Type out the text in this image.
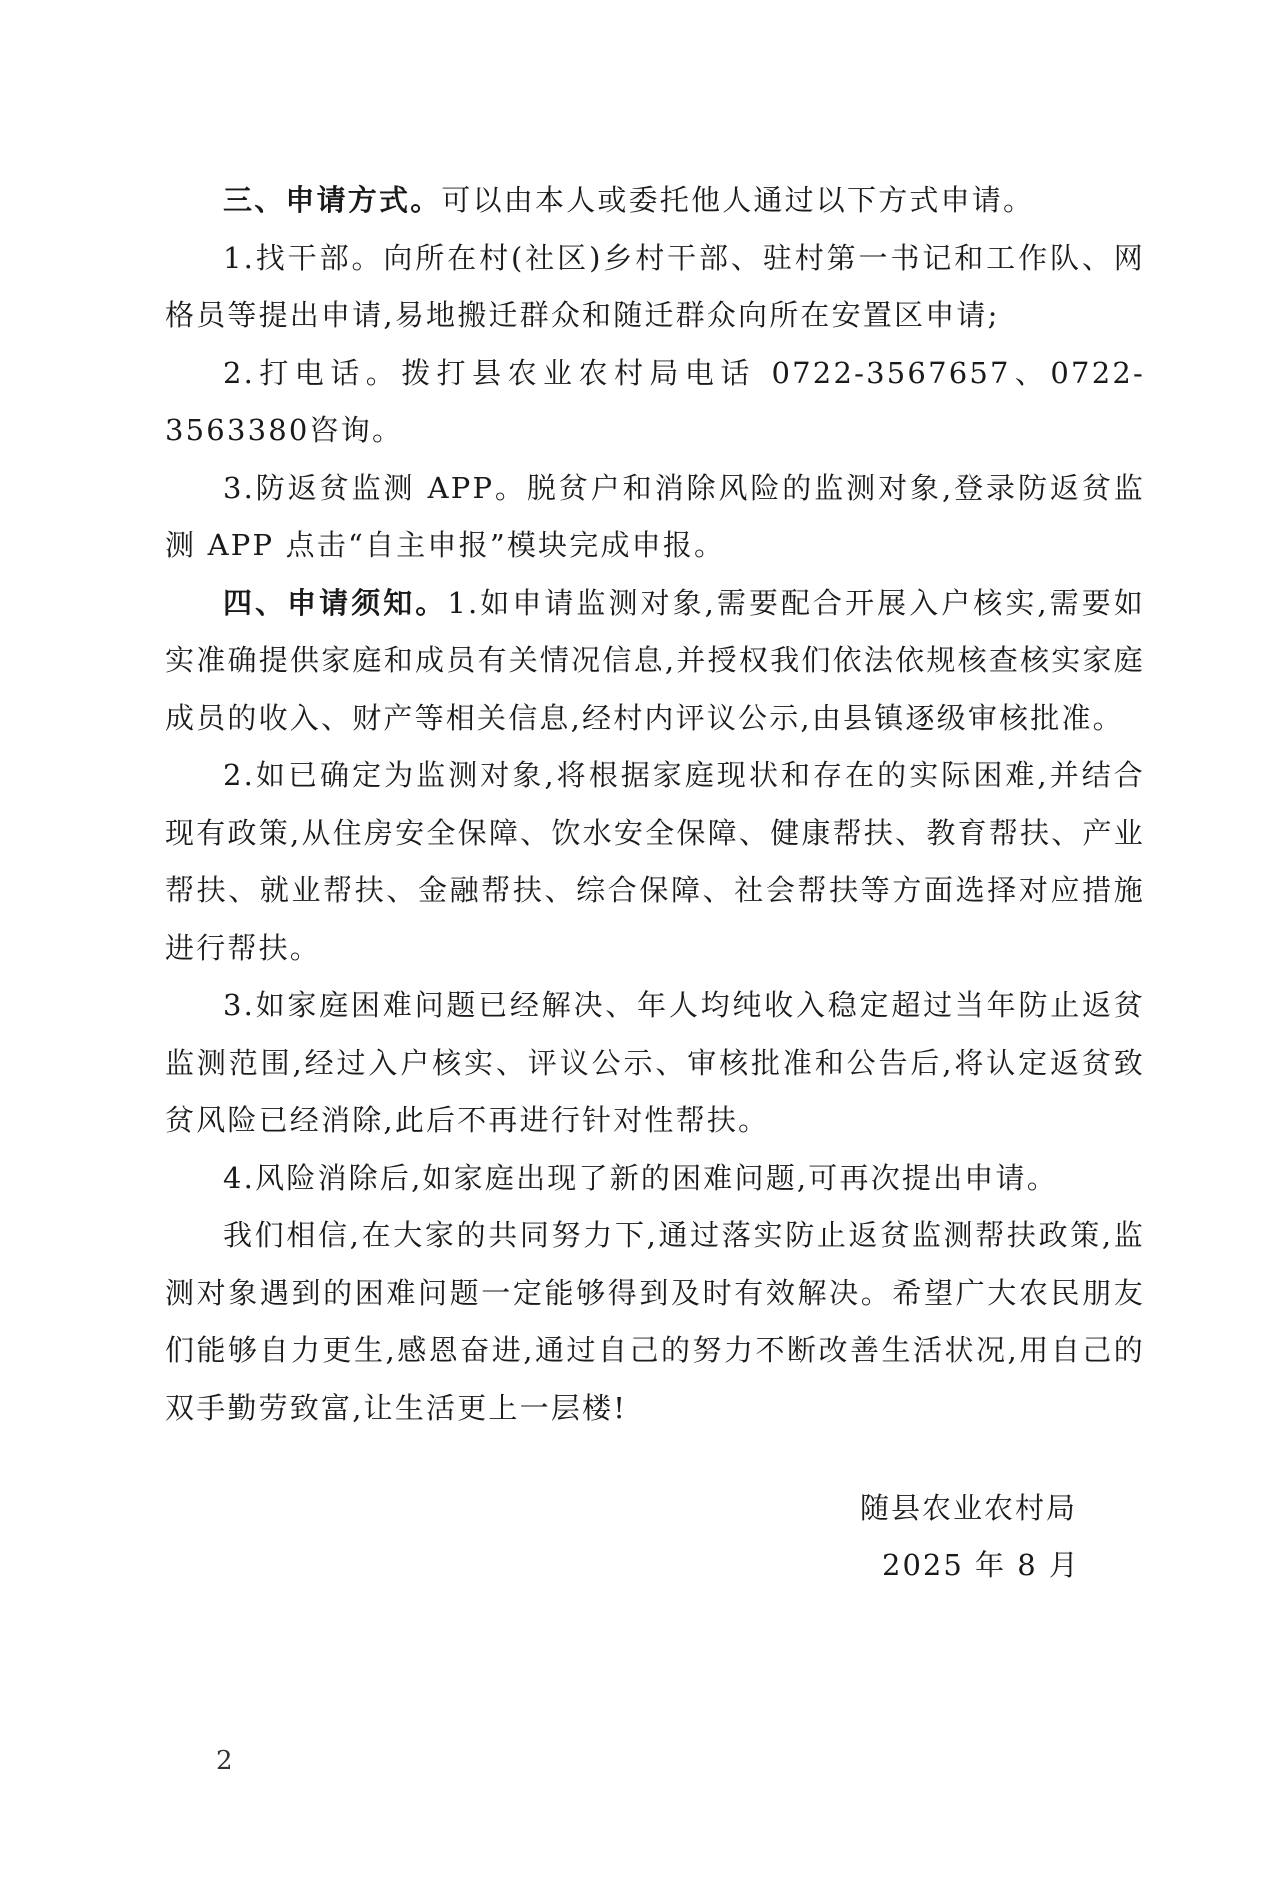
三、申请方式。可以由本人或委托他人通过以下方式申请。

1.找干部。向所在村(社区)乡村干部、驻村第一书记和工作队、网格员等提出申请,易地搬迁群众和随迁群众向所在安置区申请;

2.打电话。拨打县农业农村局电话 0722-3567657、0722-3563380咨询。

3.防返贫监测 APP。脱贫户和消除风险的监测对象,登录防返贫监测 APP 点击“自主申报”模块完成申报。

四、申请须知。1.如申请监测对象,需要配合开展入户核实,需要如实准确提供家庭和成员有关情况信息,并授权我们依法依规核查核实家庭成员的收入、财产等相关信息,经村内评议公示,由县镇逐级审核批准。

2.如已确定为监测对象,将根据家庭现状和存在的实际困难,并结合现有政策,从住房安全保障、饮水安全保障、健康帮扶、教育帮扶、产业帮扶、就业帮扶、金融帮扶、综合保障、社会帮扶等方面选择对应措施进行帮扶。

3.如家庭困难问题已经解决、年人均纯收入稳定超过当年防止返贫监测范围,经过入户核实、评议公示、审核批准和公告后,将认定返贫致贫风险已经消除,此后不再进行针对性帮扶。

4.风险消除后,如家庭出现了新的困难问题,可再次提出申请。

我们相信,在大家的共同努力下,通过落实防止返贫监测帮扶政策,监测对象遇到的困难问题一定能够得到及时有效解决。希望广大农民朋友们能够自力更生,感恩奋进,通过自己的努力不断改善生活状况,用自己的双手勤劳致富,让生活更上一层楼!

随县农业农村局
2025 年 8 月
2
